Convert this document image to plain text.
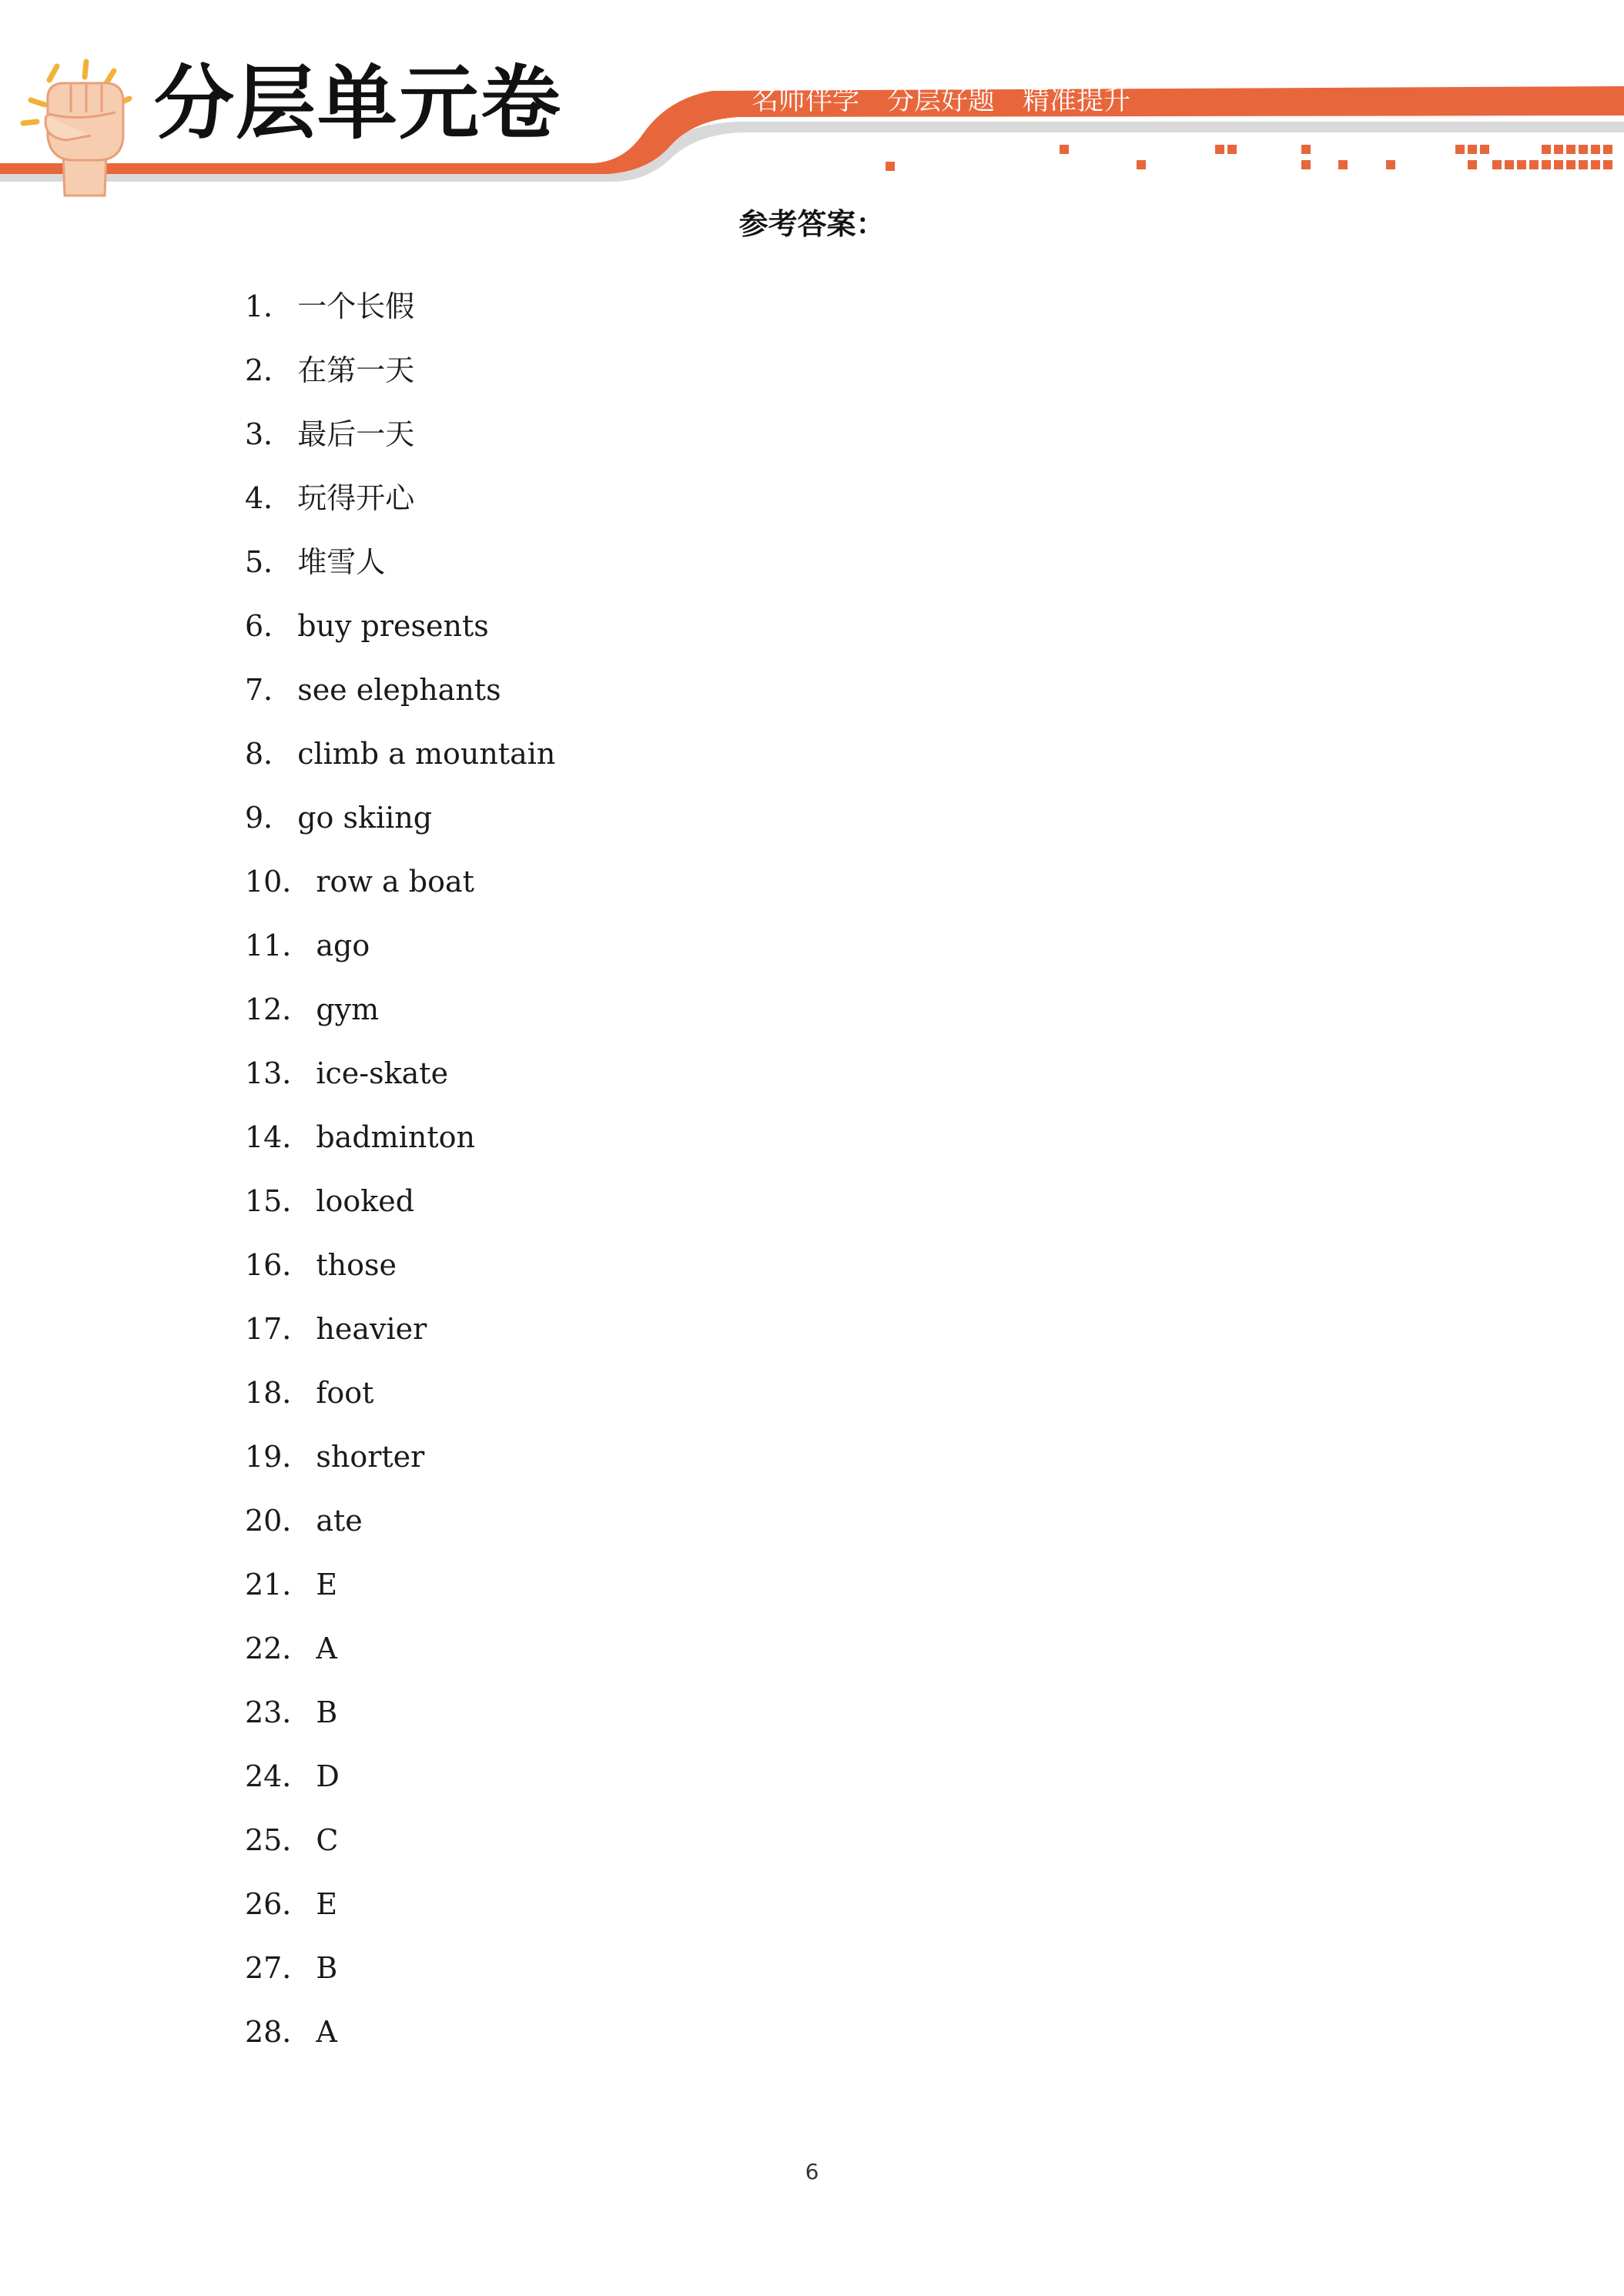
分层单元卷	名师伴学 分层好题 精准提升
参考答案：
1． 一个长假
2． 在第一天
3． 最后一天
4． 玩得开心
5． 堆雪人
6． buy presents
7． see elephants
8． climb a mountain
9． go skiing
10． row a boat
11． ago
12． gym
13． ice-skate
14． badminton
15． looked
16． those
17． heavier
18． foot
19． shorter
20． ate
21． E
22． A
23． B
24． D
25． C
26． E
27． B
28． A
6
